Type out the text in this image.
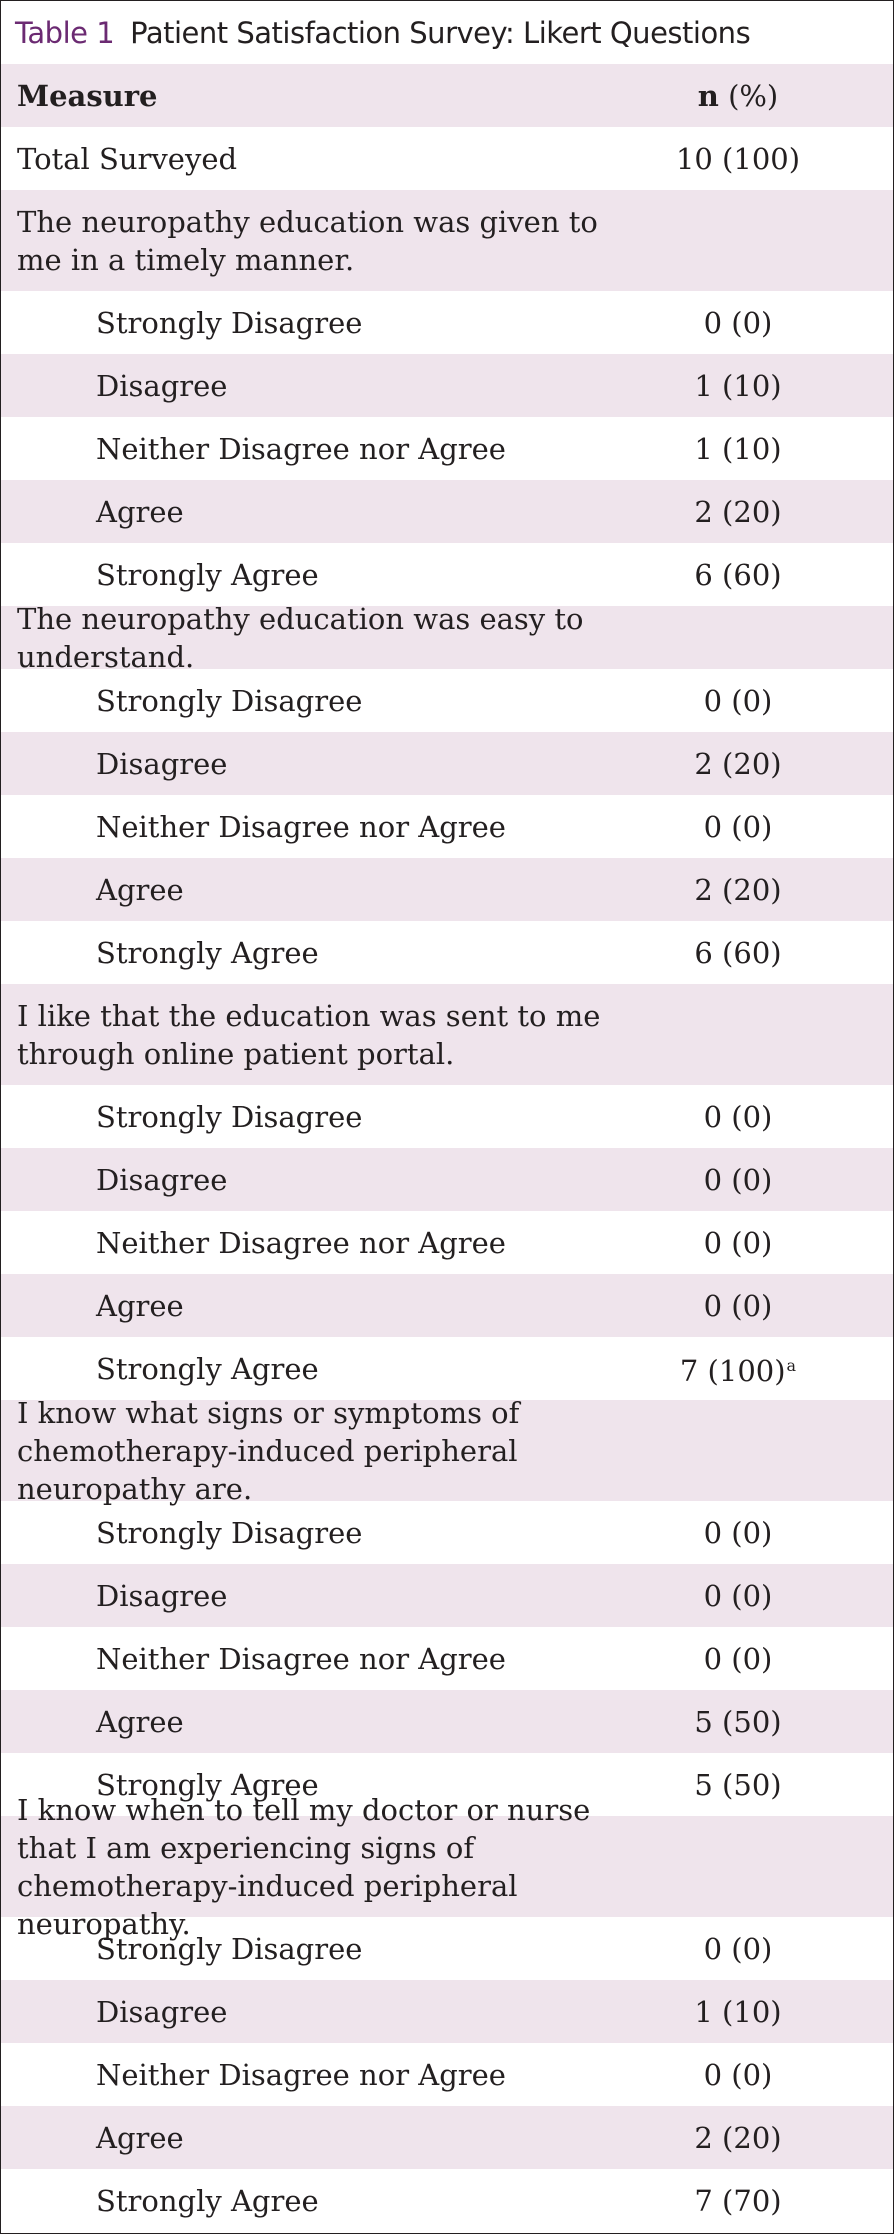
Table 1 Patient Satisfaction Survey: Likert Questions
Measure	n (%)
Total Surveyed	10 (100)
The neuropathy education was given to me in a timely manner.
Strongly Disagree	0 (0)
Disagree	1 (10)
Neither Disagree nor Agree	1 (10)
Agree	2 (20)
Strongly Agree	6 (60)
The neuropathy education was easy to understand.
Strongly Disagree	0 (0)
Disagree	2 (20)
Neither Disagree nor Agree	0 (0)
Agree	2 (20)
Strongly Agree	6 (60)
I like that the education was sent to me through online patient portal.
Strongly Disagree	0 (0)
Disagree	0 (0)
Neither Disagree nor Agree	0 (0)
Agree	0 (0)
Strongly Agree	7 $(100)^a$
I know what signs or symptoms of chemotherapy-induced peripheral neuropathy are.
Strongly Disagree	0 (0)
Disagree	0 (0)
Neither Disagree nor Agree	0 (0)
Agree	5 (50)
Strongly Agree	5 (50)
I know when to tell my doctor or nurse that I am experiencing signs of chemotherapy-induced peripheral neuropathy.
Strongly Disagree	0 (0)
Disagree	1 (10)
Neither Disagree nor Agree	0 (0)
Agree	2 (20)
Strongly Agree	7 (70)
